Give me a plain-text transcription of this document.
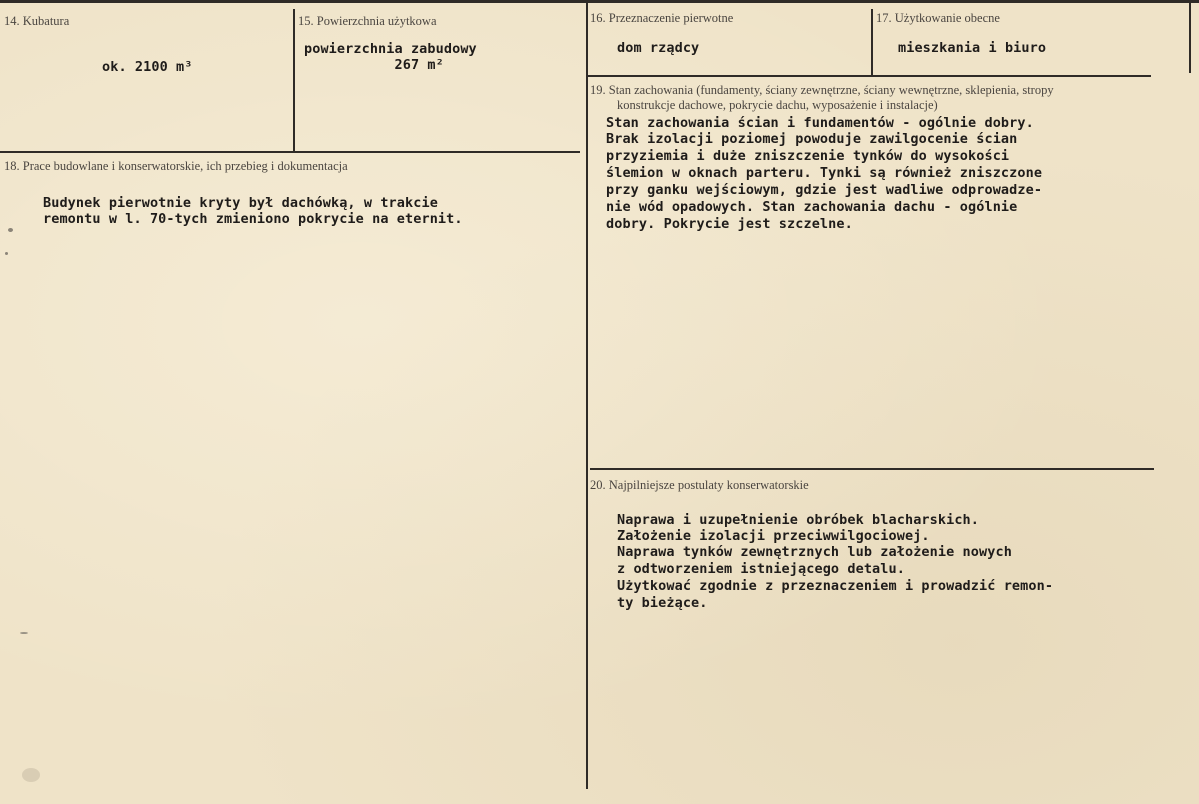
14. Kubatura
ok. 2100 m³
15. Powierzchnia użytkowa
powierzchnia zabudowy
267 m²
16. Przeznaczenie pierwotne
dom rządcy
17. Użytkowanie obecne
mieszkania i biuro
18. Prace budowlane i konserwatorskie, ich przebieg i dokumentacja
Budynek pierwotnie kryty był dachówką, w trakcie
remontu w l. 70-tych zmieniono pokrycie na eternit.
19. Stan zachowania (fundamenty, ściany zewnętrzne, ściany wewnętrzne, sklepienia, stropy
konstrukcje dachowe, pokrycie dachu, wyposażenie i instalacje)
Stan zachowania ścian i fundamentów - ogólnie dobry.
Brak izolacji poziomej powoduje zawilgocenie ścian
przyziemia i duże zniszczenie tynków do wysokości
ślemion w oknach parteru. Tynki są również zniszczone
przy ganku wejściowym, gdzie jest wadliwe odprowadze-
nie wód opadowych. Stan zachowania dachu - ogólnie
dobry. Pokrycie jest szczelne.
20. Najpilniejsze postulaty konserwatorskie
Naprawa i uzupełnienie obróbek blacharskich.
Założenie izolacji przeciwwilgociowej.
Naprawa tynków zewnętrznych lub założenie nowych
z odtworzeniem istniejącego detalu.
Użytkować zgodnie z przeznaczeniem i prowadzić remon-
ty bieżące.
